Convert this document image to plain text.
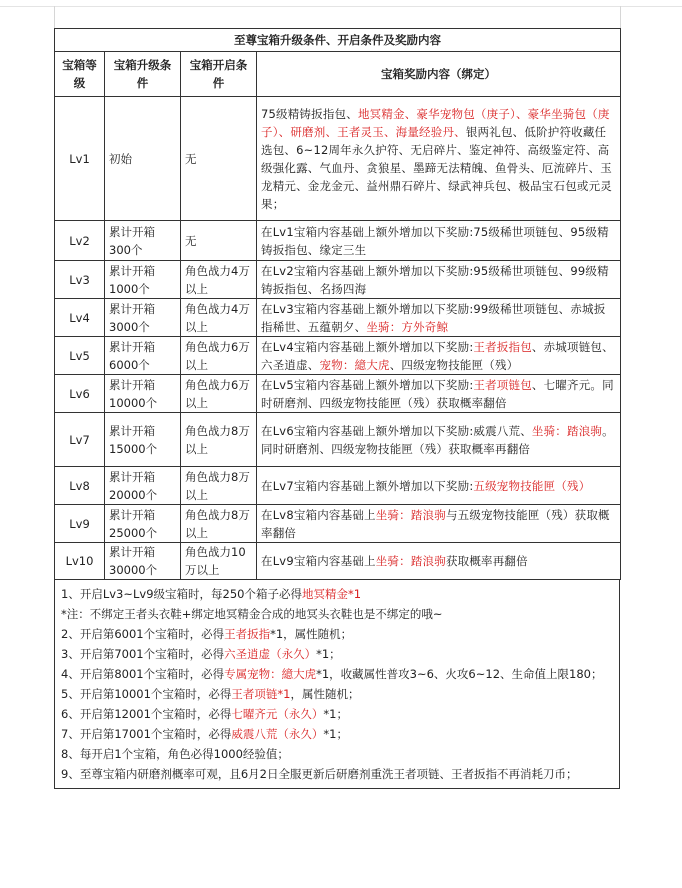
至尊宝箱升级条件、开启条件及奖励内容			
宝箱等级	宝箱升级条件	宝箱开启条件	宝箱奖励内容（绑定）
Lv1	初始	无	75级精铸扳指包、地冥精金、豪华宠物包（庚子）、豪华坐骑包（庚子）、研磨剂、王者灵玉、海量经验丹、银两礼包、低阶护符收藏任选包、6~12周年永久护符、无启碎片、鉴定神符、高级鉴定符、高级强化露、气血丹、贪狼星、墨蹄无法精魄、鱼骨头、厄流碎片、玉龙精元、金龙金元、益州鼎石碎片、绿武神兵包、极品宝石包或元灵果；
Lv2	累计开箱300个	无	在Lv1宝箱内容基础上额外增加以下奖励:75级稀世项链包、95级精铸扳指包、缘定三生
Lv3	累计开箱1000个	角色战力4万以上	在Lv2宝箱内容基础上额外增加以下奖励:95级稀世项链包、99级精铸扳指包、名扬四海
Lv4	累计开箱3000个	角色战力4万以上	在Lv3宝箱内容基础上额外增加以下奖励:99级稀世项链包、赤城扳指稀世、五蕴朝夕、坐骑：方外奇鲸
Lv5	累计开箱6000个	角色战力6万以上	在Lv4宝箱内容基础上额外增加以下奖励:王者扳指包、赤城项链包、六圣逍虚、宠物：繶大虎、四级宠物技能匣（残）
Lv6	累计开箱10000个	角色战力6万以上	在Lv5宝箱内容基础上额外增加以下奖励:王者项链包、七曜齐元。同时研磨剂、四级宠物技能匣（残）获取概率翻倍
Lv7	累计开箱15000个	角色战力8万以上	在Lv6宝箱内容基础上额外增加以下奖励:威震八荒、坐骑：踏浪驹。
同时研磨剂、四级宠物技能匣（残）获取概率再翻倍
Lv8	累计开箱20000个	角色战力8万以上	在Lv7宝箱内容基础上额外增加以下奖励:五级宠物技能匣（残）
Lv9	累计开箱25000个	角色战力8万以上	在Lv8宝箱内容基础上坐骑：踏浪驹与五级宠物技能匣（残）获取概率翻倍
Lv10	累计开箱30000个	角色战力10万以上	在Lv9宝箱内容基础上坐骑：踏浪驹获取概率再翻倍
1、开启Lv3~Lv9级宝箱时，每250个箱子必得地冥精金*1
*注：不绑定王者头衣鞋+绑定地冥精金合成的地冥头衣鞋也是不绑定的哦~
2、开启第6001个宝箱时，必得王者扳指*1，属性随机；
3、开启第7001个宝箱时，必得六圣逍虚（永久）*1；
4、开启第8001个宝箱时，必得专属宠物：繶大虎*1，收藏属性普攻3~6、火攻6~12、生命值上限180；
5、开启第10001个宝箱时，必得王者项链*1，属性随机；
6、开启第12001个宝箱时，必得七曜齐元（永久）*1；
7、开启第17001个宝箱时，必得威震八荒（永久）*1；
8、每开启1个宝箱，角色必得1000经验值；
9、至尊宝箱内研磨剂概率可观，且6月2日全服更新后研磨剂重洗王者项链、王者扳指不再消耗刀币；
